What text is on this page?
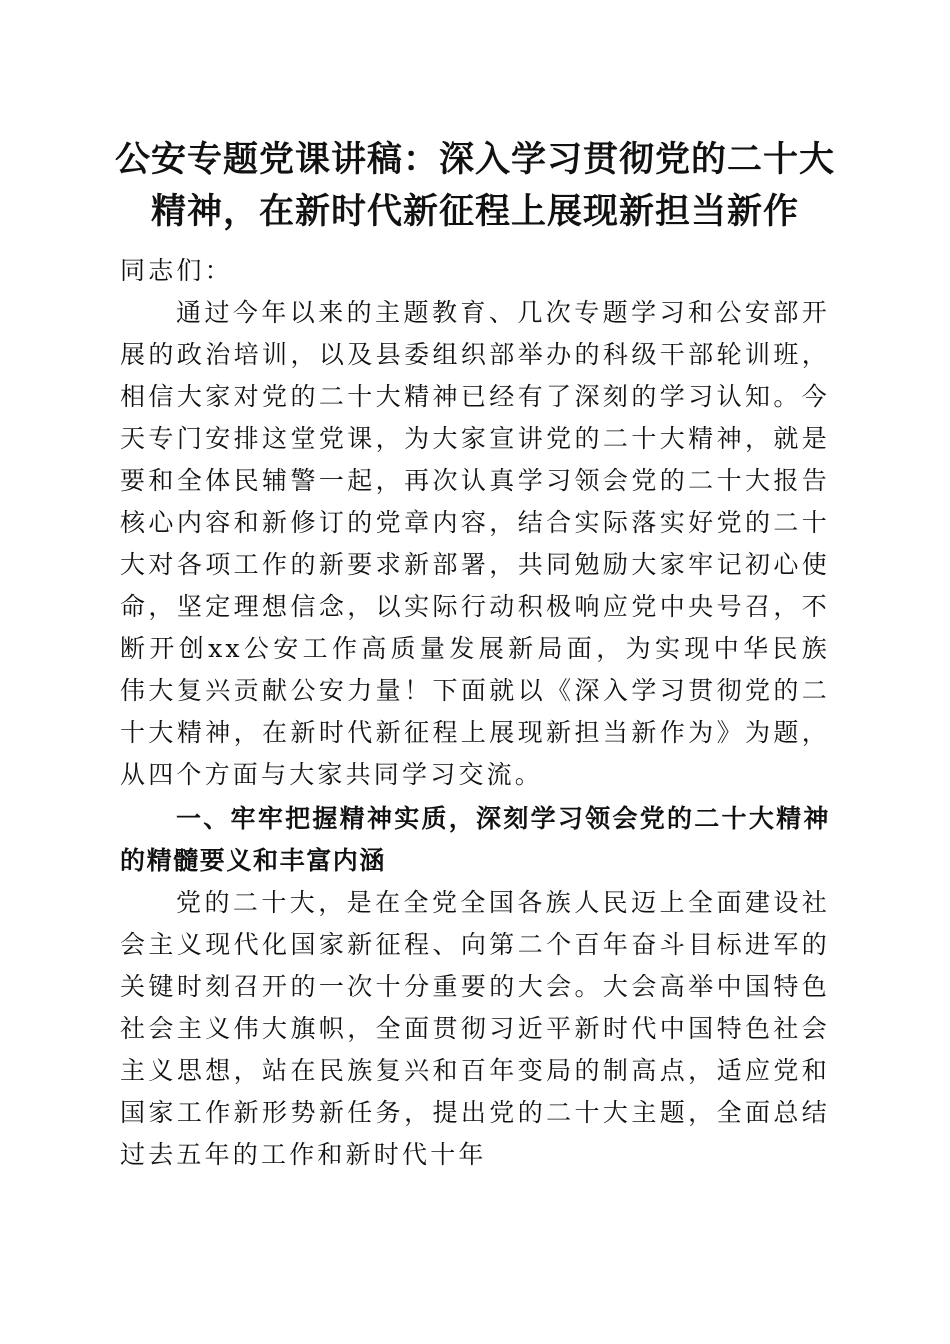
公安专题党课讲稿：深入学习贯彻党的二十大
精神，在新时代新征程上展现新担当新作

同志们：

通过今年以来的主题教育、几次专题学习和公安部开展的政治培训，以及县委组织部举办的科级干部轮训班，相信大家对党的二十大精神已经有了深刻的学习认知。今天专门安排这堂党课，为大家宣讲党的二十大精神，就是要和全体民辅警一起，再次认真学习领会党的二十大报告核心内容和新修订的党章内容，结合实际落实好党的二十大对各项工作的新要求新部署，共同勉励大家牢记初心使命，坚定理想信念，以实际行动积极响应党中央号召，不断开创xx公安工作高质量发展新局面，为实现中华民族伟大复兴贡献公安力量！下面就以《深入学习贯彻党的二十大精神，在新时代新征程上展现新担当新作为》为题，从四个方面与大家共同学习交流。

一、牢牢把握精神实质，深刻学习领会党的二十大精神的精髓要义和丰富内涵

党的二十大，是在全党全国各族人民迈上全面建设社会主义现代化国家新征程、向第二个百年奋斗目标进军的关键时刻召开的一次十分重要的大会。大会高举中国特色社会主义伟大旗帜，全面贯彻习近平新时代中国特色社会主义思想，站在民族复兴和百年变局的制高点，适应党和国家工作新形势新任务，提出党的二十大主题，全面总结过去五年的工作和新时代十年
